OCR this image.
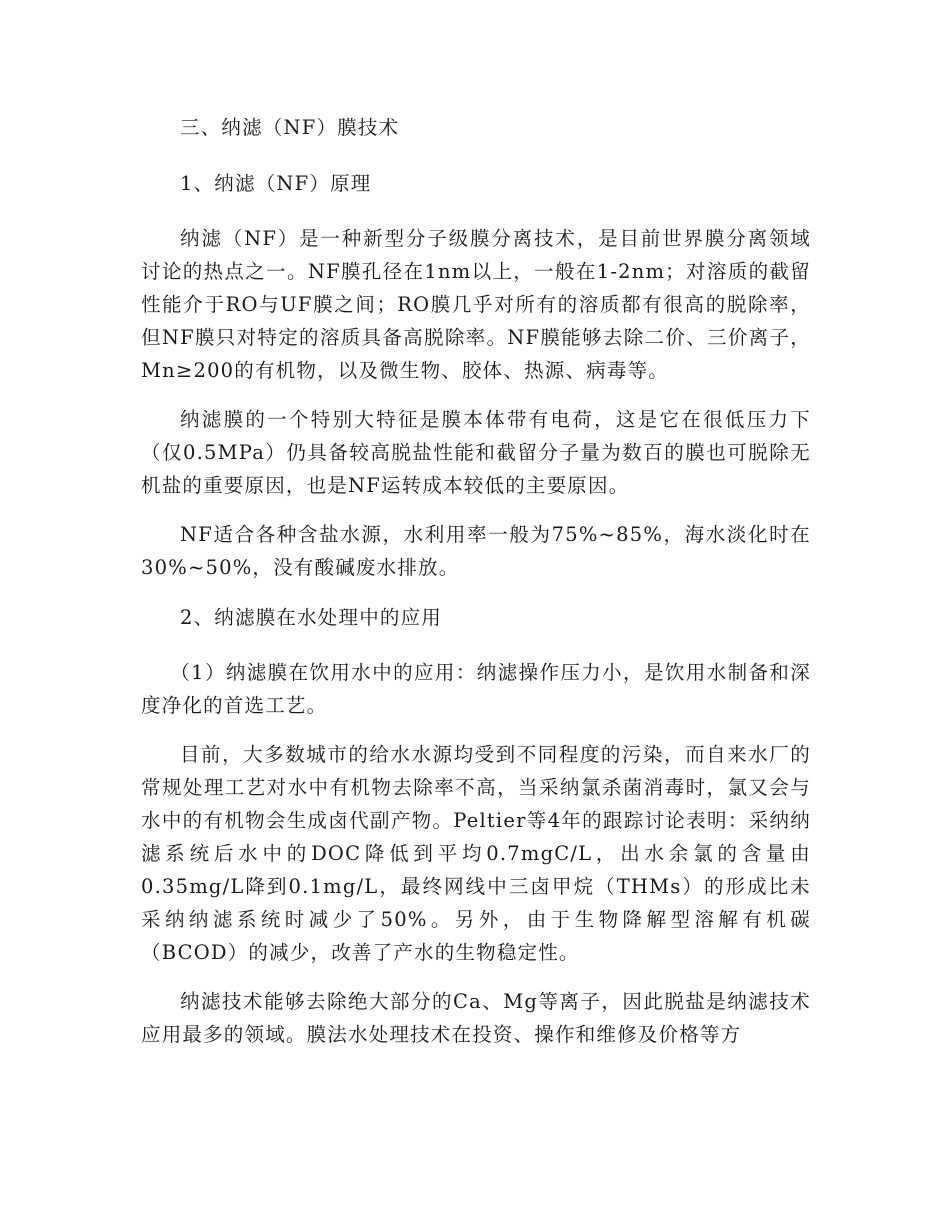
三、纳滤（NF）膜技术

1、纳滤（NF）原理

纳滤（NF）是一种新型分子级膜分离技术，是目前世界膜分离领域讨论的热点之一。NF膜孔径在1nm以上，一般在1-2nm；对溶质的截留性能介于RO与UF膜之间；RO膜几乎对所有的溶质都有很高的脱除率，但NF膜只对特定的溶质具备高脱除率。NF膜能够去除二价、三价离子，Mn≥200的有机物，以及微生物、胶体、热源、病毒等。

纳滤膜的一个特别大特征是膜本体带有电荷，这是它在很低压力下（仅0.5MPa）仍具备较高脱盐性能和截留分子量为数百的膜也可脱除无机盐的重要原因，也是NF运转成本较低的主要原因。

NF适合各种含盐水源，水利用率一般为75%~85%，海水淡化时在30%~50%，没有酸碱废水排放。

2、纳滤膜在水处理中的应用

（1）纳滤膜在饮用水中的应用：纳滤操作压力小，是饮用水制备和深度净化的首选工艺。

目前，大多数城市的给水水源均受到不同程度的污染，而自来水厂的常规处理工艺对水中有机物去除率不高，当采纳氯杀菌消毒时，氯又会与水中的有机物会生成卤代副产物。Peltier等4年的跟踪讨论表明：采纳纳滤系统后水中的DOC降低到平均0.7mgC/L，出水余氯的含量由0.35mg/L降到0.1mg/L，最终网线中三卤甲烷（THMs）的形成比未采纳纳滤系统时减少了50%。另外，由于生物降解型溶解有机碳（BCOD）的减少，改善了产水的生物稳定性。

纳滤技术能够去除绝大部分的Ca、Mg等离子，因此脱盐是纳滤技术应用最多的领域。膜法水处理技术在投资、操作和维修及价格等方
